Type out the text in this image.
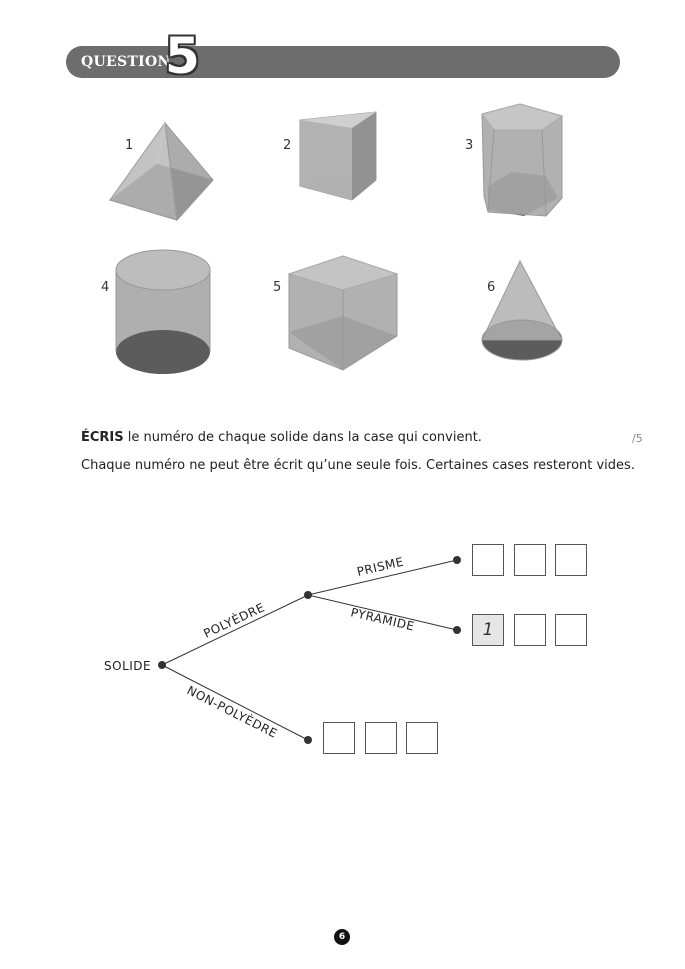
QUESTION
5
1	2	3
4	5	6
ÉCRIS le numéro de chaque solide dans la case qui convient.	/5
Chaque numéro ne peut être écrit qu’une seule fois. Certaines cases resteront vides.
SOLIDE
POLYÈDRE
NON-POLYÈDRE
PRISME
PYRAMIDE	1
6
